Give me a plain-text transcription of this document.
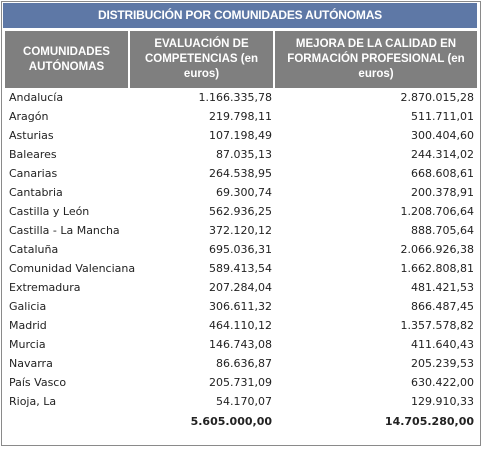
DISTRIBUCIÓN POR COMUNIDADES AUTÓNOMAS
COMUNIDADES AUTÓNOMAS	EVALUACIÓN DE COMPETENCIAS (en euros)	MEJORA DE LA CALIDAD EN FORMACIÓN PROFESIONAL (en euros)
Andalucía	1.166.335,78	2.870.015,28
Aragón	219.798,11	511.711,01
Asturias	107.198,49	300.404,60
Baleares	87.035,13	244.314,02
Canarias	264.538,95	668.608,61
Cantabria	69.300,74	200.378,91
Castilla y León	562.936,25	1.208.706,64
Castilla - La Mancha	372.120,12	888.705,64
Cataluña	695.036,31	2.066.926,38
Comunidad Valenciana	589.413,54	1.662.808,81
Extremadura	207.284,04	481.421,53
Galicia	306.611,32	866.487,45
Madrid	464.110,12	1.357.578,82
Murcia	146.743,08	411.640,43
Navarra	86.636,87	205.239,53
País Vasco	205.731,09	630.422,00
Rioja, La	54.170,07	129.910,33
	5.605.000,00	14.705.280,00
